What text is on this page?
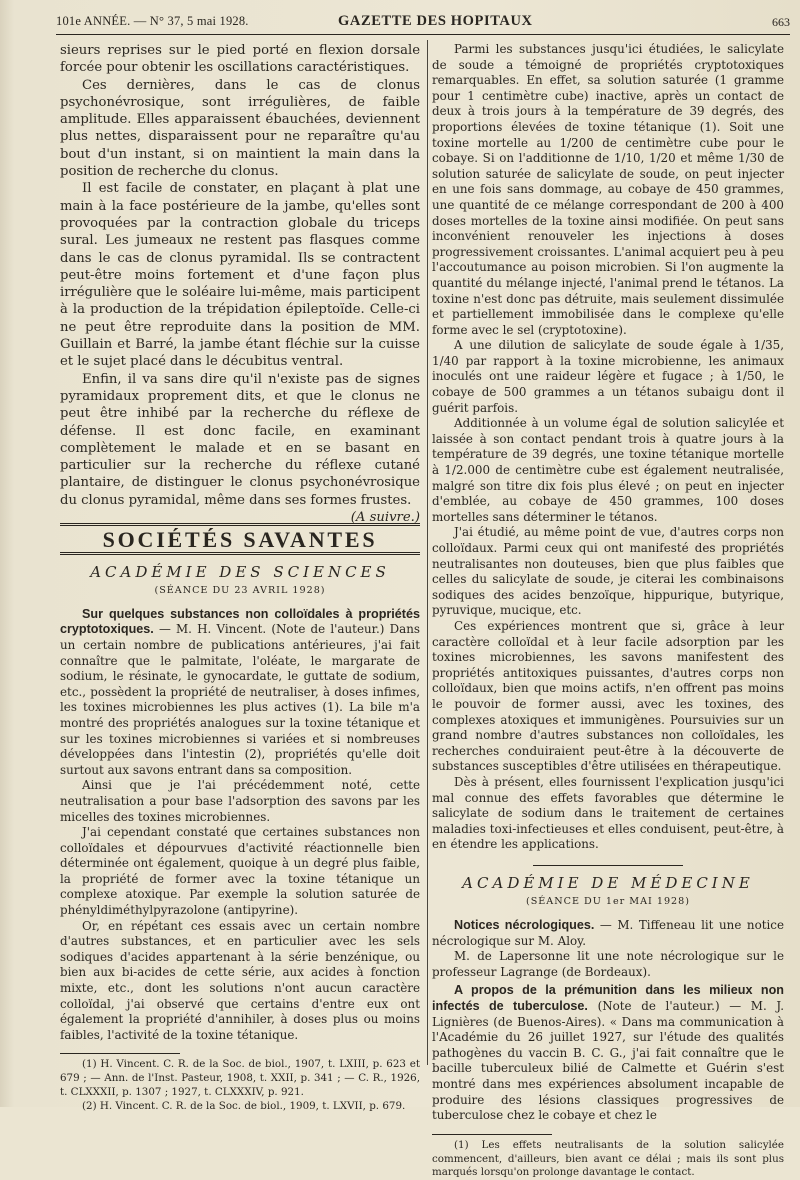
101e ANNÉE. — N° 37, 5 mai 1928.	GAZETTE DES HOPITAUX	663

sieurs reprises sur le pied porté en flexion dorsale forcée pour obtenir les oscillations caractéristiques.

Ces dernières, dans le cas de clonus psychonévrosique, sont irrégulières, de faible amplitude. Elles apparaissent ébauchées, deviennent plus nettes, disparaissent pour ne reparaître qu'au bout d'un instant, si on maintient la main dans la position de recherche du clonus.

Il est facile de constater, en plaçant à plat une main à la face postérieure de la jambe, qu'elles sont provoquées par la contraction globale du triceps sural. Les jumeaux ne restent pas flasques comme dans le cas de clonus pyramidal. Ils se contractent peut-être moins fortement et d'une façon plus irrégulière que le soléaire lui-même, mais participent à la production de la trépidation épileptoïde. Celle-ci ne peut être reproduite dans la position de MM. Guillain et Barré, la jambe étant fléchie sur la cuisse et le sujet placé dans le décubitus ventral.

Enfin, il va sans dire qu'il n'existe pas de signes pyramidaux proprement dits, et que le clonus ne peut être inhibé par la recherche du réflexe de défense. Il est donc facile, en examinant complètement le malade et en se basant en particulier sur la recherche du réflexe cutané plantaire, de distinguer le clonus psychonévrosique du clonus pyramidal, même dans ses formes frustes.
(A suivre.)

SOCIÉTÉS SAVANTES
ACADÉMIE DES SCIENCES
(SÉANCE DU 23 AVRIL 1928)

Sur quelques substances non colloïdales à propriétés cryptotoxiques. — M. H. Vincent. (Note de l'auteur.) Dans un certain nombre de publications antérieures, j'ai fait connaître que le palmitate, l'oléate, le margarate de sodium, le résinate, le gynocardate, le guttate de sodium, etc., possèdent la propriété de neutraliser, à doses infimes, les toxines microbiennes les plus actives (1). La bile m'a montré des propriétés analogues sur la toxine tétanique et sur les toxines microbiennes si variées et si nombreuses développées dans l'intestin (2), propriétés qu'elle doit surtout aux savons entrant dans sa composition.

Ainsi que je l'ai précédemment noté, cette neutralisation a pour base l'adsorption des savons par les micelles des toxines microbiennes.

J'ai cependant constaté que certaines substances non colloïdales et dépourvues d'activité réactionnelle bien déterminée ont également, quoique à un degré plus faible, la propriété de former avec la toxine tétanique un complexe atoxique. Par exemple la solution saturée de phényldiméthylpyrazolone (antipyrine).

Or, en répétant ces essais avec un certain nombre d'autres substances, et en particulier avec les sels sodiques d'acides appartenant à la série benzénique, ou bien aux bi-acides de cette série, aux acides à fonction mixte, etc., dont les solutions n'ont aucun caractère colloïdal, j'ai observé que certains d'entre eux ont également la propriété d'annihiler, à doses plus ou moins faibles, l'activité de la toxine tétanique.

(1) H. Vincent. C. R. de la Soc. de biol., 1907, t. LXIII, p. 623 et 679 ; — Ann. de l'Inst. Pasteur, 1908, t. XXII, p. 341 ; — C. R., 1926, t. CLXXXII, p. 1307 ; 1927, t. CLXXXIV, p. 921.

(2) H. Vincent. C. R. de la Soc. de biol., 1909, t. LXVII, p. 679.

Parmi les substances jusqu'ici étudiées, le salicylate de soude a témoigné de propriétés cryptotoxiques remarquables. En effet, sa solution saturée (1 gramme pour 1 centimètre cube) inactive, après un contact de deux à trois jours à la température de 39 degrés, des proportions élevées de toxine tétanique (1). Soit une toxine mortelle au 1/200 de centimètre cube pour le cobaye. Si on l'additionne de 1/10, 1/20 et même 1/30 de solution saturée de salicylate de soude, on peut injecter en une fois sans dommage, au cobaye de 450 grammes, une quantité de ce mélange correspondant de 200 à 400 doses mortelles de la toxine ainsi modifiée. On peut sans inconvénient renouveler les injections à doses progressivement croissantes. L'animal acquiert peu à peu l'accoutumance au poison microbien. Si l'on augmente la quantité du mélange injecté, l'animal prend le tétanos. La toxine n'est donc pas détruite, mais seulement dissimulée et partiellement immobilisée dans le complexe qu'elle forme avec le sel (cryptotoxine).

A une dilution de salicylate de soude égale à 1/35, 1/40 par rapport à la toxine microbienne, les animaux inoculés ont une raideur légère et fugace ; à 1/50, le cobaye de 500 grammes a un tétanos subaigu dont il guérit parfois.

Additionnée à un volume égal de solution salicylée et laissée à son contact pendant trois à quatre jours à la température de 39 degrés, une toxine tétanique mortelle à 1/2.000 de centimètre cube est également neutralisée, malgré son titre dix fois plus élevé ; on peut en injecter d'emblée, au cobaye de 450 grammes, 100 doses mortelles sans déterminer le tétanos.

J'ai étudié, au même point de vue, d'autres corps non colloïdaux. Parmi ceux qui ont manifesté des propriétés neutralisantes non douteuses, bien que plus faibles que celles du salicylate de soude, je citerai les combinaisons sodiques des acides benzoïque, hippurique, butyrique, pyruvique, mucique, etc.

Ces expériences montrent que si, grâce à leur caractère colloïdal et à leur facile adsorption par les toxines microbiennes, les savons manifestent des propriétés antitoxiques puissantes, d'autres corps non colloïdaux, bien que moins actifs, n'en offrent pas moins le pouvoir de former aussi, avec les toxines, des complexes atoxiques et immunigènes. Poursuivies sur un grand nombre d'autres substances non colloïdales, les recherches conduiraient peut-être à la découverte de substances susceptibles d'être utilisées en thérapeutique.

Dès à présent, elles fournissent l'explication jusqu'ici mal connue des effets favorables que détermine le salicylate de sodium dans le traitement de certaines maladies toxi-infectieuses et elles conduisent, peut-être, à en étendre les applications.

ACADÉMIE DE MÉDECINE
(SÉANCE DU 1er MAI 1928)

Notices nécrologiques. — M. Tiffeneau lit une notice nécrologique sur M. Aloy.

M. de Lapersonne lit une note nécrologique sur le professeur Lagrange (de Bordeaux).

A propos de la prémunition dans les milieux non infectés de tuberculose. (Note de l'auteur.) — M. J. Lignières (de Buenos-Aires). « Dans ma communication à l'Académie du 26 juillet 1927, sur l'étude des qualités pathogènes du vaccin B. C. G., j'ai fait connaître que le bacille tuberculeux bilié de Calmette et Guérin s'est montré dans mes expériences absolument incapable de produire des lésions classiques progressives de tuberculose chez le cobaye et chez le

(1) Les effets neutralisants de la solution salicylée commencent, d'ailleurs, bien avant ce délai ; mais ils sont plus marqués lorsqu'on prolonge davantage le contact.
